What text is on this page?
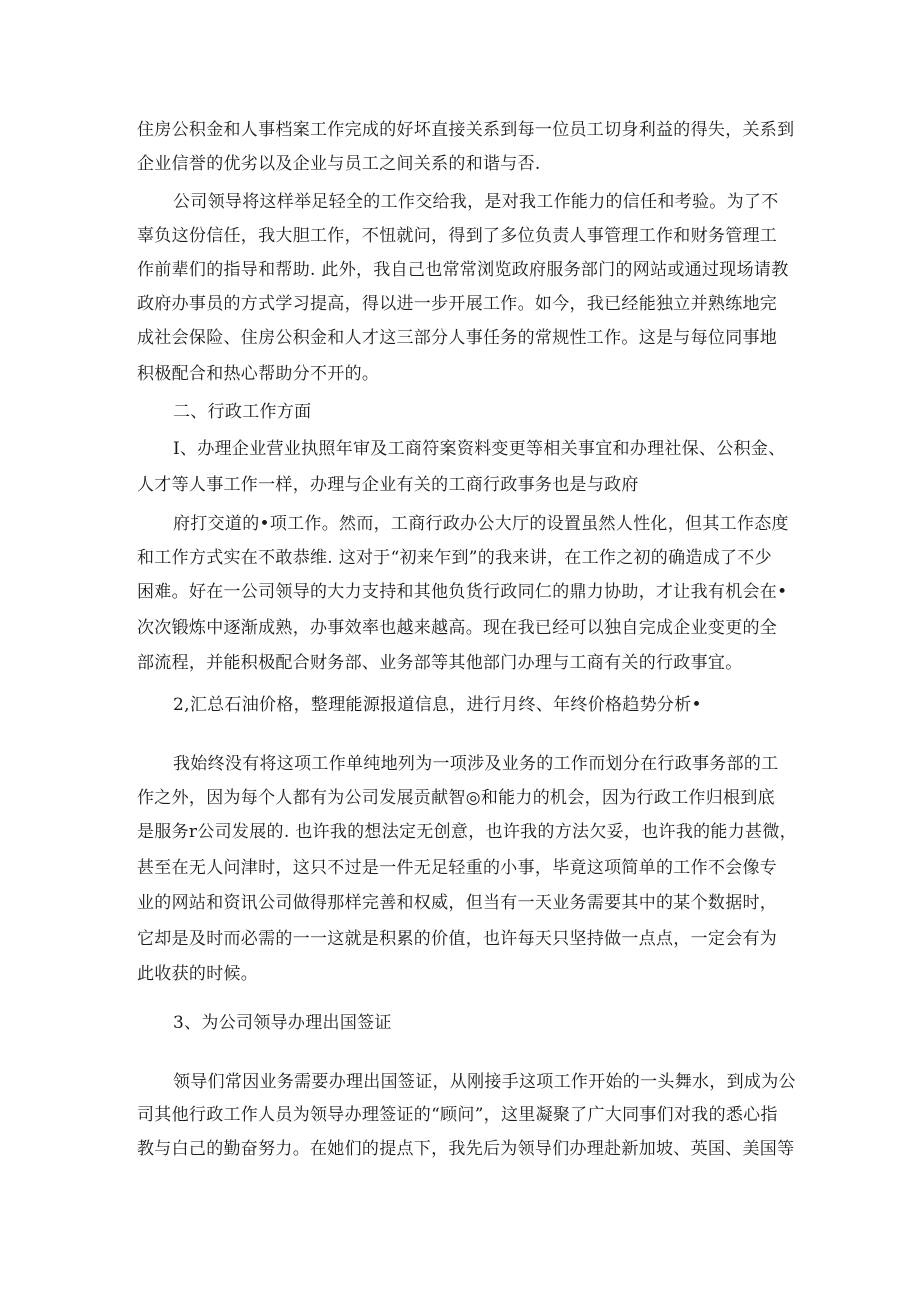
住房公积金和人事档案工作完成的好坏直接关系到每一位员工切身利益的得失，关系到
企业信誉的优劣以及企业与员工之间关系的和谐与否.
公司领导将这样举足轻全的工作交给我，是对我工作能力的信任和考验。为了不
辜负这份信任，我大胆工作，不忸就问，得到了多位负责人事管理工作和财务管理工
作前辈们的指导和帮助. 此外，我自己也常常浏览政府服务部门的网站或通过现场请教
政府办事员的方式学习提高，得以进一步开展工作。如今，我已经能独立并熟练地完
成社会保险、住房公积金和人才这三部分人事任务的常规性工作。这是与每位同事地
积极配合和热心帮助分不开的。
二、行政工作方面
I、办理企业营业执照年审及工商符案资料变更等相关事宜和办理社保、公积金、
人才等人事工作一样，办理与企业有关的工商行政事务也是与政府
府打交道的•项工作。然而，工商行政办公大厅的设置虽然人性化，但其工作态度
和工作方式实在不敢恭维. 这对于“初来乍到”的我来讲，在工作之初的确造成了不少
困难。好在一公司领导的大力支持和其他负货行政同仁的鼎力协助，才让我有机会在•
次次锻炼中逐渐成熟，办事效率也越来越高。现在我已经可以独自完成企业变更的全
部流程，并能积极配合财务部、业务部等其他部门办理与工商有关的行政事宜。
2,汇总石油价格，整理能源报道信息，进行月终、年终价格趋势分析•
我始终没有将这项工作单纯地列为一项涉及业务的工作而划分在行政事务部的工
作之外，因为每个人都有为公司发展贡献智◎和能力的机会，因为行政工作归根到底
是服务r公司发展的. 也许我的想法定无创意，也许我的方法欠妥，也许我的能力甚微，
甚至在无人问津时，这只不过是一件无足轻重的小事，毕竟这项简单的工作不会像专
业的网站和资讯公司做得那样完善和权威，但当有一天业务需要其中的某个数据时，
它却是及时而必需的一一这就是积累的价值，也许每天只坚持做一点点，一定会有为
此收获的时候。
3、为公司领导办理出国签证
领导们常因业务需要办理出国签证，从刚接手这项工作开始的一头舞水，到成为公
司其他行政工作人员为领导办理签证的“顾问”，这里凝聚了广大同事们对我的悉心指
教与白己的勤奋努力。在她们的提点下，我先后为领导们办理赴新加坡、英国、美国等
